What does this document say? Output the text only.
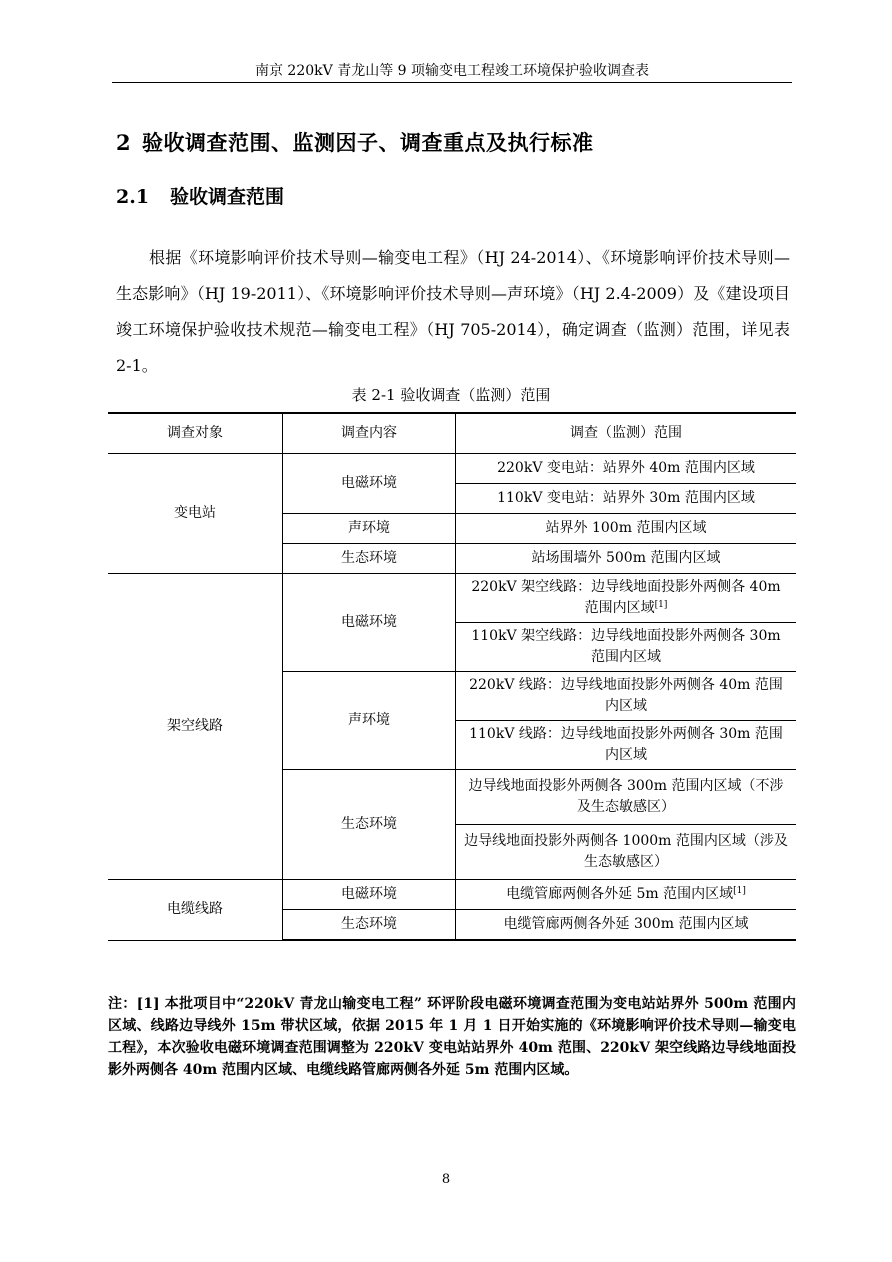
南京 220kV 青龙山等 9 项输变电工程竣工环境保护验收调查表
2 验收调查范围、监测因子、调查重点及执行标准
2.1 验收调查范围
根据《环境影响评价技术导则—输变电工程》（HJ 24-2014）、《环境影响评价技术导则—生态影响》（HJ 19-2011）、《环境影响评价技术导则—声环境》（HJ 2.4-2009）及《建设项目竣工环境保护验收技术规范—输变电工程》（HJ 705-2014），确定调查（监测）范围，详见表 2-1。
表 2-1 验收调查（监测）范围
调查对象	调查内容	调查（监测）范围
变电站	电磁环境	220kV 变电站：站界外 40m 范围内区域
		110kV 变电站：站界外 30m 范围内区域
	声环境	站界外 100m 范围内区域
	生态环境	站场围墙外 500m 范围内区域
架空线路	电磁环境	220kV 架空线路：边导线地面投影外两侧各 40m 范围内区域[1]
		110kV 架空线路：边导线地面投影外两侧各 30m 范围内区域
	声环境	220kV 线路：边导线地面投影外两侧各 40m 范围内区域
		110kV 线路：边导线地面投影外两侧各 30m 范围内区域
	生态环境	边导线地面投影外两侧各 300m 范围内区域（不涉及生态敏感区）
		边导线地面投影外两侧各 1000m 范围内区域（涉及生态敏感区）
电缆线路	电磁环境	电缆管廊两侧各外延 5m 范围内区域[1]
	生态环境	电缆管廊两侧各外延 300m 范围内区域
注：[1] 本批项目中“220kV 青龙山输变电工程” 环评阶段电磁环境调查范围为变电站站界外 500m 范围内区域、线路边导线外 15m 带状区域，依据 2015 年 1 月 1 日开始实施的《环境影响评价技术导则—输变电工程》，本次验收电磁环境调查范围调整为 220kV 变电站站界外 40m 范围、220kV 架空线路边导线地面投影外两侧各 40m 范围内区域、电缆线路管廊两侧各外延 5m 范围内区域。
8
